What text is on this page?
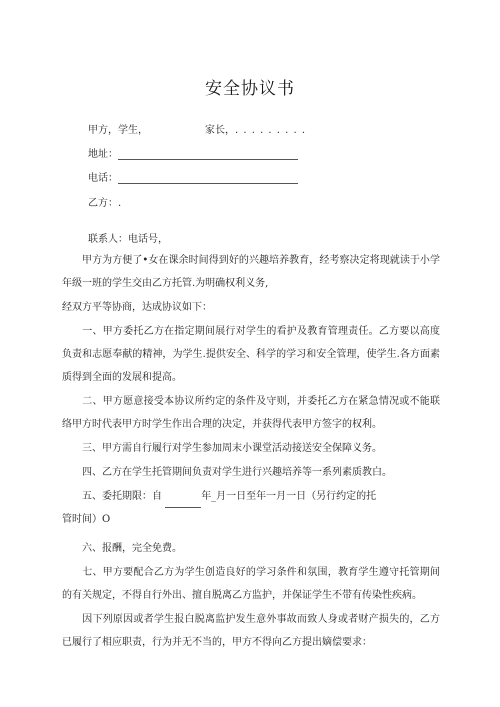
安全协议书
甲方，学生，	家长，. . . . . . . . .
地址：
电话：
乙方：.
联系人：电话号，
甲方为方便了•女在课余时间得到好的兴趣培养教育，经考察决定将现就读于小学年级一班的学生交由乙方托管.为明确权利义务,
经双方平等协商，达成协议如下：
一、甲方委托乙方在指定期间展行对学生的看护及教育管理责任。乙方要以高度负责和志愿奉献的精神，为学生.提供安全、科学的学习和安全管理，使学生.各方面素质得到全面的发展和提高。
二、甲方愿意接受本协议所约定的条件及守则，并委托乙方在紧急情况或不能联络甲方时代表甲方时学生作出合理的决定，并获得代表甲方签字的权利。
三、甲方需自行履行对学生参加周末小课堂活动接送安全保障义务。
四、乙方在学生托管期间负责对学生进行兴趣培养等一系列素质教白。
五、委托期限：自	年_月一日至年一月一日（另行约定的托
管时间）O
六、报酬，完全免费。
七、甲方要配合乙方为学生创造良好的学习条件和氛围，教育学生遵守托管期间的有关规定，不得自行外出、擅自脱离乙方监护，并保证学生不带有传染性疾病。
因下列原因或者学生报白脱离监护发生意外事故而致人身或者财产损失的，乙方已履行了相应职责，行为并无不当的，甲方不得向乙方提出嫡偿要求：
